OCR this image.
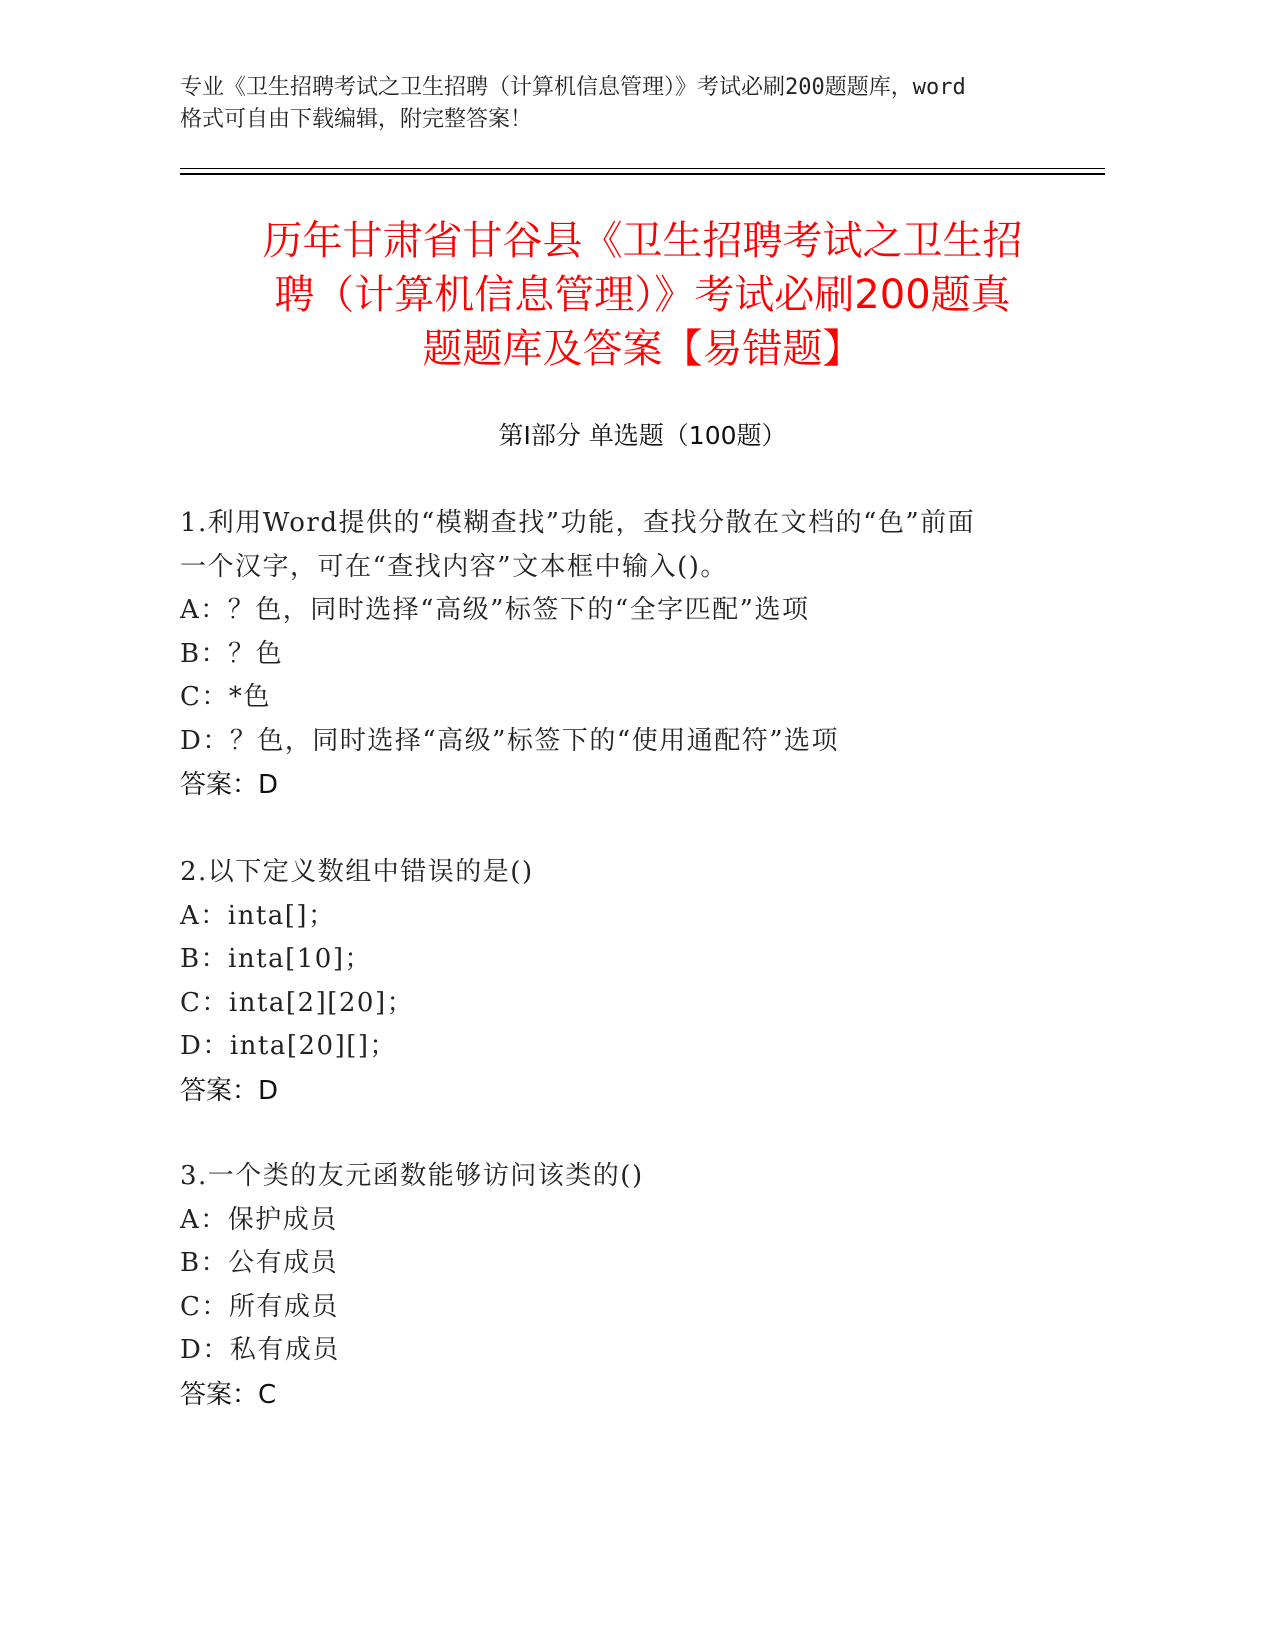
专业《卫生招聘考试之卫生招聘（计算机信息管理）》考试必刷200题题库，word
格式可自由下载编辑，附完整答案！
历年甘肃省甘谷县《卫生招聘考试之卫生招
聘（计算机信息管理）》考试必刷200题真
题题库及答案【易错题】
第Ⅰ部分 单选题（100题）
1.利用Word提供的“模糊查找”功能，查找分散在文档的“色”前面
一个汉字，可在“查找内容”文本框中输入()。
A：？色，同时选择“高级”标签下的“全字匹配”选项
B：？色
C：*色
D：？色，同时选择“高级”标签下的“使用通配符”选项
答案：D
2.以下定义数组中错误的是()
A：inta[]；
B：inta[10]；
C：inta[2][20]；
D：inta[20][]；
答案：D
3.一个类的友元函数能够访问该类的()
A：保护成员
B：公有成员
C：所有成员
D：私有成员
答案：C
